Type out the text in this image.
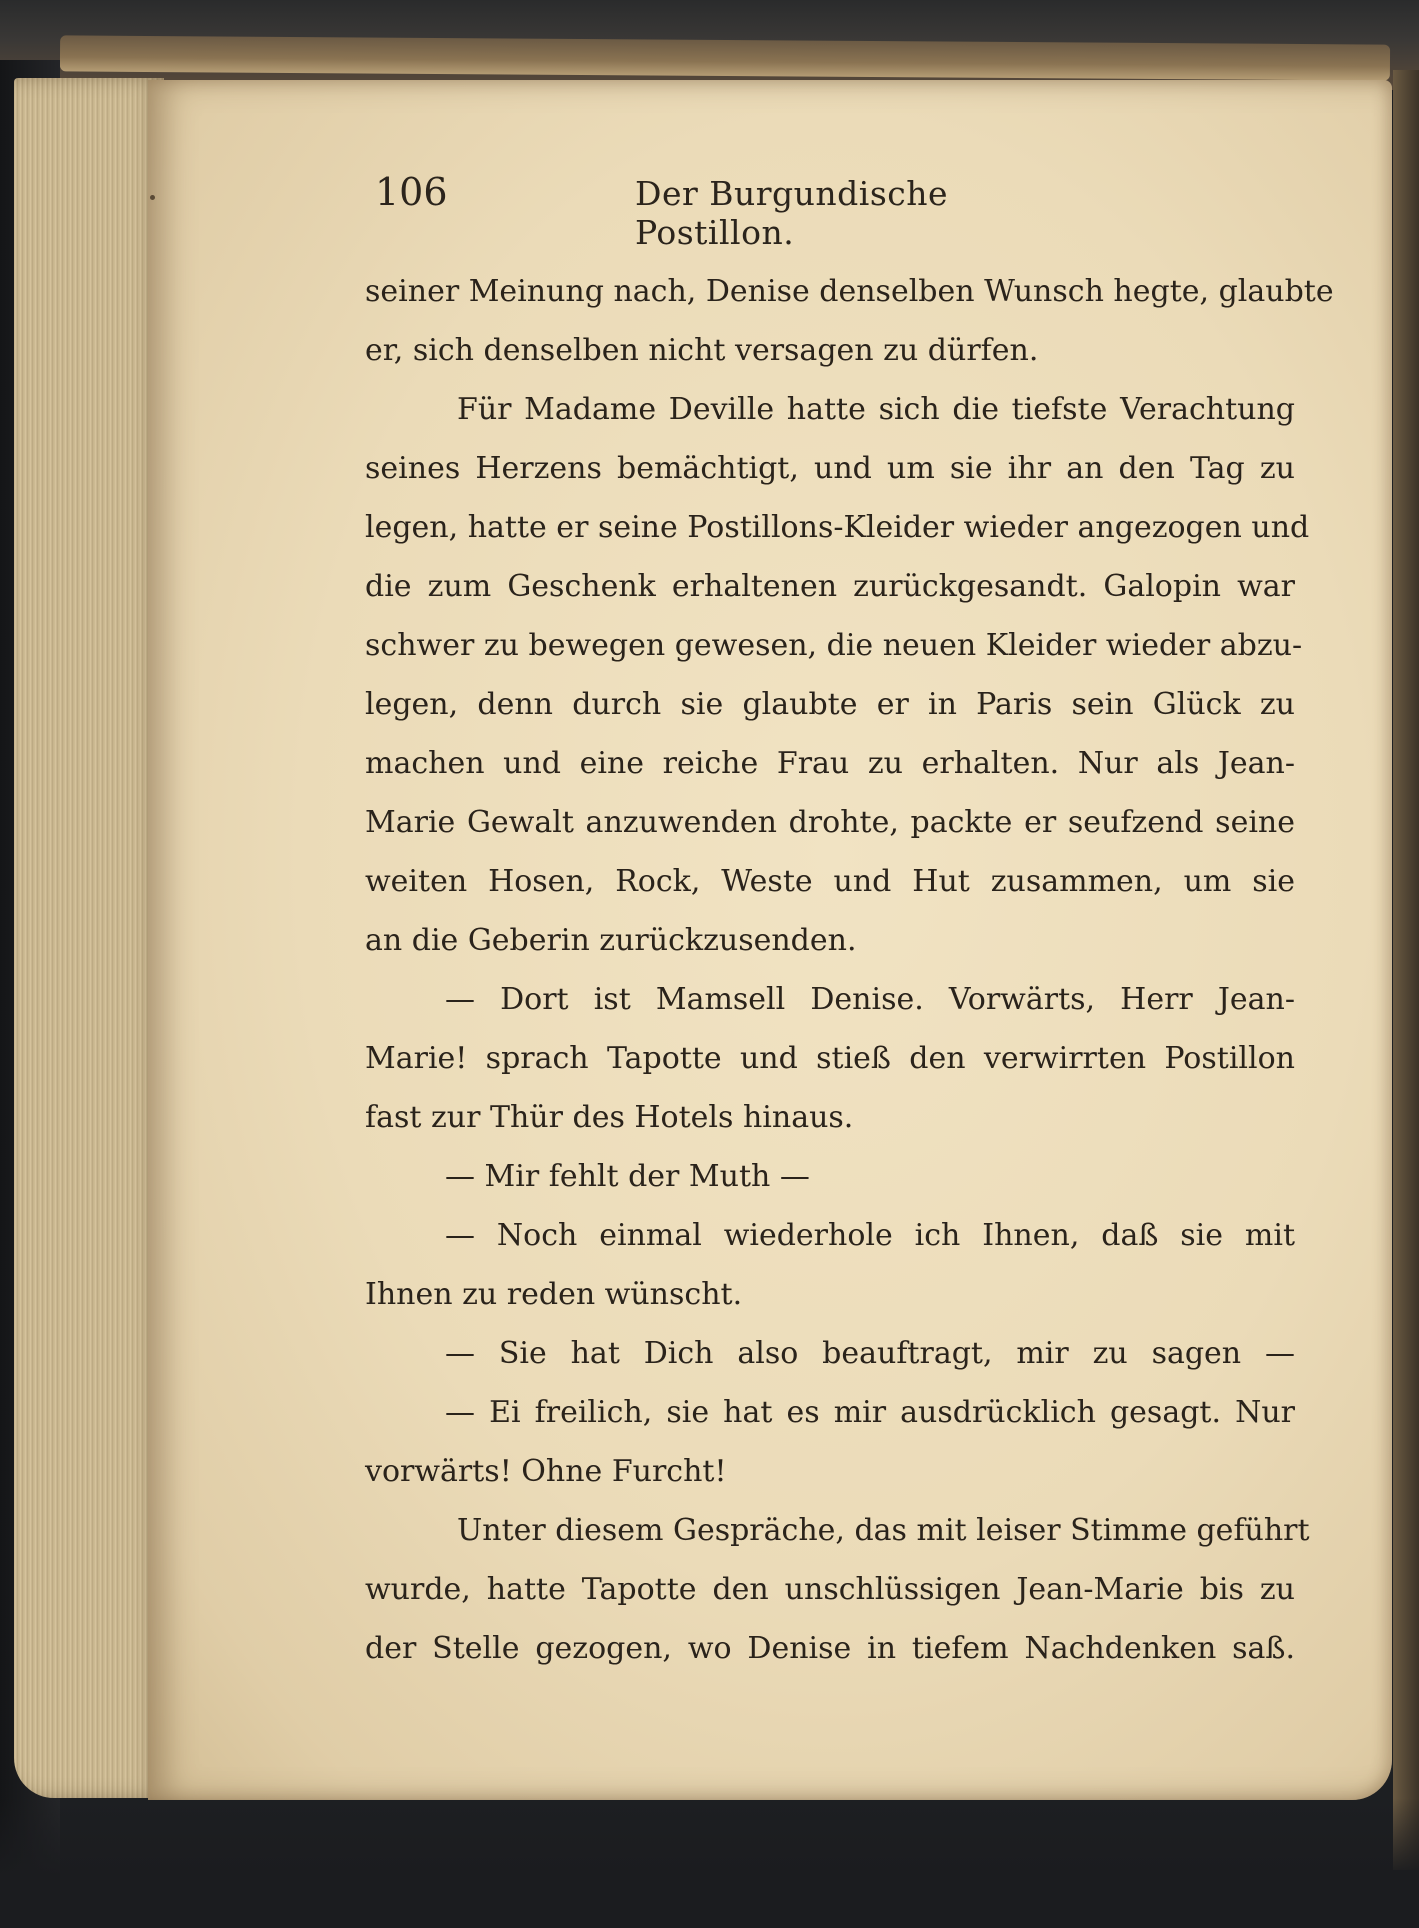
106	Der Burgundische Postillon.
seiner Meinung nach, Denise denselben Wunsch hegte, glaubte
er, sich denselben nicht versagen zu dürfen.
Für Madame Deville hatte sich die tiefste Verachtung
seines Herzens bemächtigt, und um sie ihr an den Tag zu
legen, hatte er seine Postillons-Kleider wieder angezogen und
die zum Geschenk erhaltenen zurückgesandt. Galopin war
schwer zu bewegen gewesen, die neuen Kleider wieder abzu-
legen, denn durch sie glaubte er in Paris sein Glück zu
machen und eine reiche Frau zu erhalten. Nur als Jean-
Marie Gewalt anzuwenden drohte, packte er seufzend seine
weiten Hosen, Rock, Weste und Hut zusammen, um sie
an die Geberin zurückzusenden.
— Dort ist Mamsell Denise. Vorwärts, Herr Jean-
Marie! sprach Tapotte und stieß den verwirrten Postillon
fast zur Thür des Hotels hinaus.
— Mir fehlt der Muth —
— Noch einmal wiederhole ich Ihnen, daß sie mit
Ihnen zu reden wünscht.
— Sie hat Dich also beauftragt, mir zu sagen —
— Ei freilich, sie hat es mir ausdrücklich gesagt. Nur
vorwärts! Ohne Furcht!
Unter diesem Gespräche, das mit leiser Stimme geführt
wurde, hatte Tapotte den unschlüssigen Jean-Marie bis zu
der Stelle gezogen, wo Denise in tiefem Nachdenken saß.
